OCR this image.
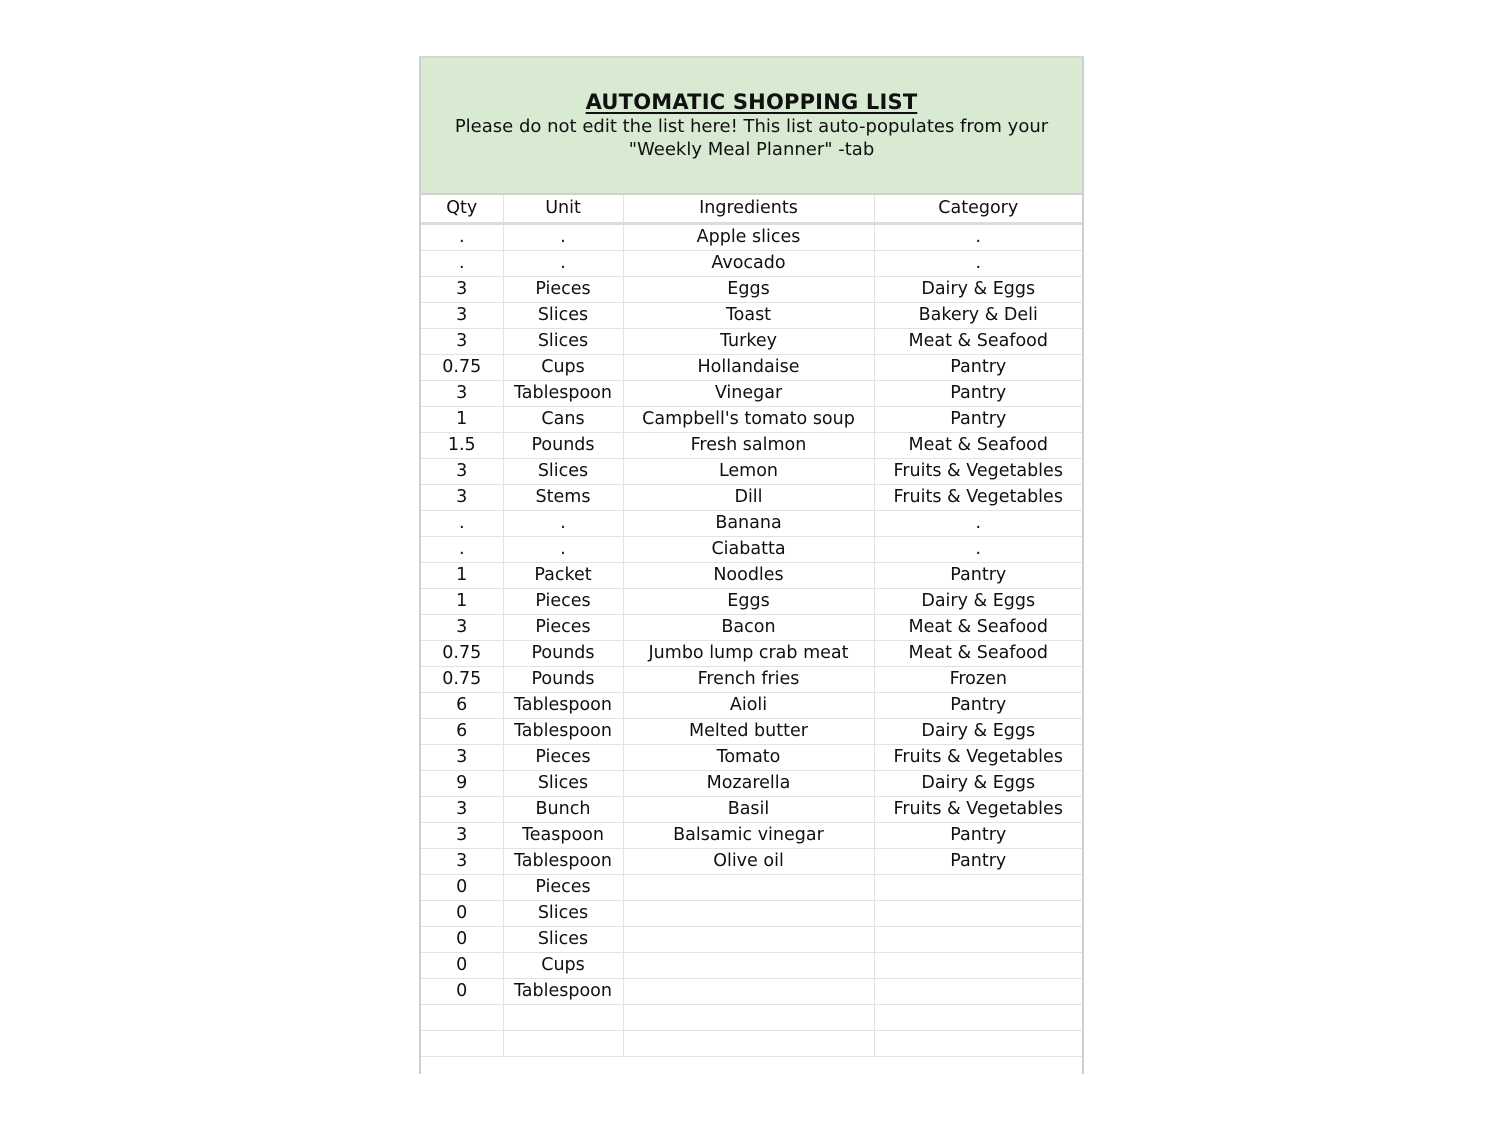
AUTOMATIC SHOPPING LIST
Please do not edit the list here! This list auto-populates from your
"Weekly Meal Planner" -tab
Qty	Unit	Ingredients	Category
.	.	Apple slices	.
.	.	Avocado	.
3	Pieces	Eggs	Dairy & Eggs
3	Slices	Toast	Bakery & Deli
3	Slices	Turkey	Meat & Seafood
0.75	Cups	Hollandaise	Pantry
3	Tablespoon	Vinegar	Pantry
1	Cans	Campbell's tomato soup	Pantry
1.5	Pounds	Fresh salmon	Meat & Seafood
3	Slices	Lemon	Fruits & Vegetables
3	Stems	Dill	Fruits & Vegetables
.	.	Banana	.
.	.	Ciabatta	.
1	Packet	Noodles	Pantry
1	Pieces	Eggs	Dairy & Eggs
3	Pieces	Bacon	Meat & Seafood
0.75	Pounds	Jumbo lump crab meat	Meat & Seafood
0.75	Pounds	French fries	Frozen
6	Tablespoon	Aioli	Pantry
6	Tablespoon	Melted butter	Dairy & Eggs
3	Pieces	Tomato	Fruits & Vegetables
9	Slices	Mozarella	Dairy & Eggs
3	Bunch	Basil	Fruits & Vegetables
3	Teaspoon	Balsamic vinegar	Pantry
3	Tablespoon	Olive oil	Pantry
0	Pieces		
0	Slices		
0	Slices		
0	Cups		
0	Tablespoon		
